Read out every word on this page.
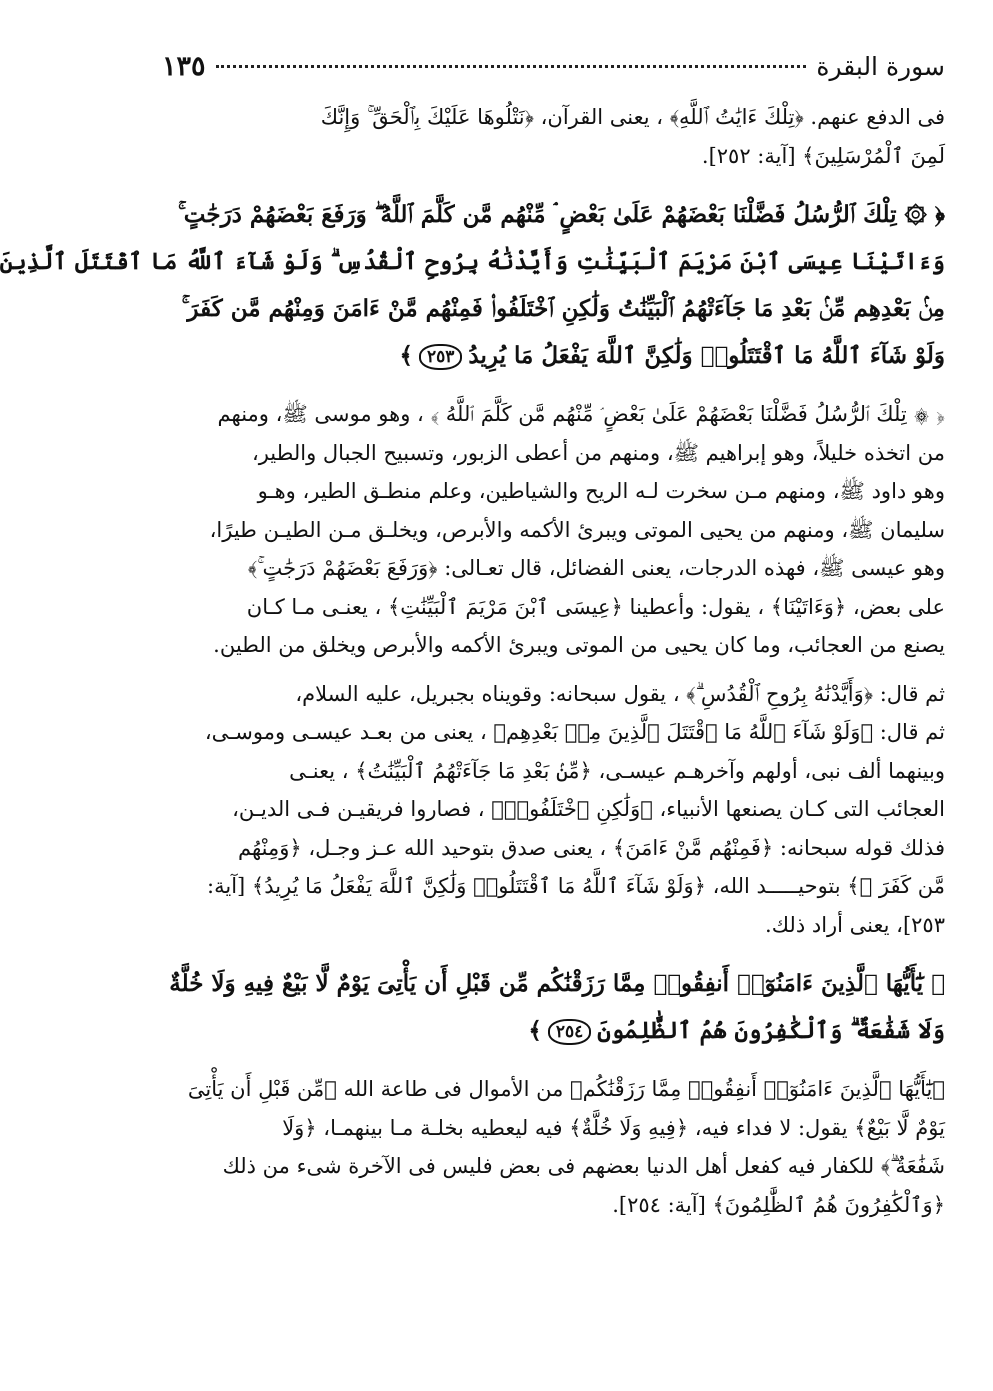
سورة البقرة
١٣٥

فى الدفع عنهم. ﴿تِلْكَ ءَايَٰتُ ٱللَّهِ﴾ ، يعنى القرآن، ﴿نَتْلُوهَا عَلَيْكَ بِٱلْحَقِّ ۚ وَإِنَّكَ
لَمِنَ ٱلْمُرْسَلِينَ﴾ [آية: ٢٥٢].

﴿ ۞ تِلْكَ ٱلرُّسُلُ فَضَّلْنَا بَعْضَهُمْ عَلَىٰ بَعْضٍ ۘ مِّنْهُم مَّن كَلَّمَ ٱللَّهُ ۖ وَرَفَعَ بَعْضَهُمْ دَرَجَٰتٍ ۚ
وَءَاتَيْنَا عِيسَى ٱبْنَ مَرْيَمَ ٱلْبَيِّنَٰتِ وَأَيَّدْنَٰهُ بِرُوحِ ٱلْقُدُسِ ۗ وَلَوْ شَآءَ ٱللَّهُ مَا ٱقْتَتَلَ ٱلَّذِينَ
مِنۢ بَعْدِهِم مِّنۢ بَعْدِ مَا جَآءَتْهُمُ ٱلْبَيِّنَٰتُ وَلَٰكِنِ ٱخْتَلَفُوا۟ فَمِنْهُم مَّنْ ءَامَنَ وَمِنْهُم مَّن كَفَرَ ۚ
وَلَوْ شَآءَ ٱللَّهُ مَا ٱقْتَتَلُوا۟ وَلَٰكِنَّ ٱللَّهَ يَفْعَلُ مَا يُرِيدُ٢٥٣﴾

﴿ ۞ تِلْكَ ٱلرُّسُلُ فَضَّلْنَا بَعْضَهُمْ عَلَىٰ بَعْضٍ ۘ مِّنْهُم مَّن كَلَّمَ ٱللَّهُ ﴾ ، وهو موسى ﷺ، ومنهم
من اتخذه خليلاً، وهو إبراهيم ﷺ، ومنهم من أعطى الزبور، وتسبيح الجبال والطير،
وهو داود ﷺ، ومنهم مـن سخرت لـه الريح والشياطين، وعلم منطـق الطير، وهـو
سليمان ﷺ، ومنهم من يحيى الموتى ويبرئ الأكمه والأبرص، ويخلـق مـن الطيـن طيرًا،
وهو عيسى ﷺ، فهذه الدرجات، يعنى الفضائل، قال تعـالى: ﴿وَرَفَعَ بَعْضَهُمْ دَرَجَٰتٍ ۚ﴾
على بعض، ﴿وَءَاتَيْنَا﴾ ، يقول: وأعطينا ﴿عِيسَى ٱبْنَ مَرْيَمَ ٱلْبَيِّنَٰتِ﴾ ، يعنـى مـا كـان
يصنع من العجائب، وما كان يحيى من الموتى ويبرئ الأكمه والأبرص ويخلق من الطين.

ثم قال: ﴿وَأَيَّدْنَٰهُ بِرُوحِ ٱلْقُدُسِ ۗ﴾ ، يقول سبحانه: وقويناه بجبريل، عليه السلام،
ثم قال: ﴿وَلَوْ شَآءَ ٱللَّهُ مَا ٱقْتَتَلَ ٱلَّذِينَ مِنۢ بَعْدِهِم﴾ ، يعنى من بعـد عيسـى وموسـى،
وبينهما ألف نبى، أولهم وآخرهـم عيسـى، ﴿مِّنۢ بَعْدِ مَا جَآءَتْهُمُ ٱلْبَيِّنَٰتُ﴾ ، يعنـى
العجائب التى كـان يصنعها الأنبياء، ﴿وَلَٰكِنِ ٱخْتَلَفُوا۟﴾ ، فصاروا فريقيـن فـى الديـن،
فذلك قوله سبحانه: ﴿فَمِنْهُم مَّنْ ءَامَنَ﴾ ، يعنى صدق بتوحيد الله عـز وجـل، ﴿وَمِنْهُم
مَّن كَفَرَ ۚ﴾ بتوحيـــــد الله، ﴿وَلَوْ شَآءَ ٱللَّهُ مَا ٱقْتَتَلُوا۟ وَلَٰكِنَّ ٱللَّهَ يَفْعَلُ مَا يُرِيدُ﴾ [آية:
٢٥٣]، يعنى أراد ذلك.

﴿ يَٰٓأَيُّهَا ٱلَّذِينَ ءَامَنُوٓا۟ أَنفِقُوا۟ مِمَّا رَزَقْنَٰكُم مِّن قَبْلِ أَن يَأْتِىَ يَوْمٌ لَّا بَيْعٌ فِيهِ وَلَا خُلَّةٌ
وَلَا شَفَٰعَةٌ ۗ وَٱلْكَٰفِرُونَ هُمُ ٱلظَّٰلِمُونَ٢٥٤﴾

﴿يَٰٓأَيُّهَا ٱلَّذِينَ ءَامَنُوٓا۟ أَنفِقُوا۟ مِمَّا رَزَقْنَٰكُم﴾ من الأموال فى طاعة الله ﴿مِّن قَبْلِ أَن يَأْتِىَ
يَوْمٌ لَّا بَيْعٌ﴾ يقول: لا فداء فيه، ﴿فِيهِ وَلَا خُلَّةٌ﴾ فيه ليعطيه بخلـة مـا بينهمـا، ﴿وَلَا
شَفَٰعَةٌ ۗ﴾ للكفار فيه كفعل أهل الدنيا بعضهم فى بعض فليس فى الآخرة شىء من ذلك
﴿وَٱلْكَٰفِرُونَ هُمُ ٱلظَّٰلِمُونَ﴾ [آية: ٢٥٤].
